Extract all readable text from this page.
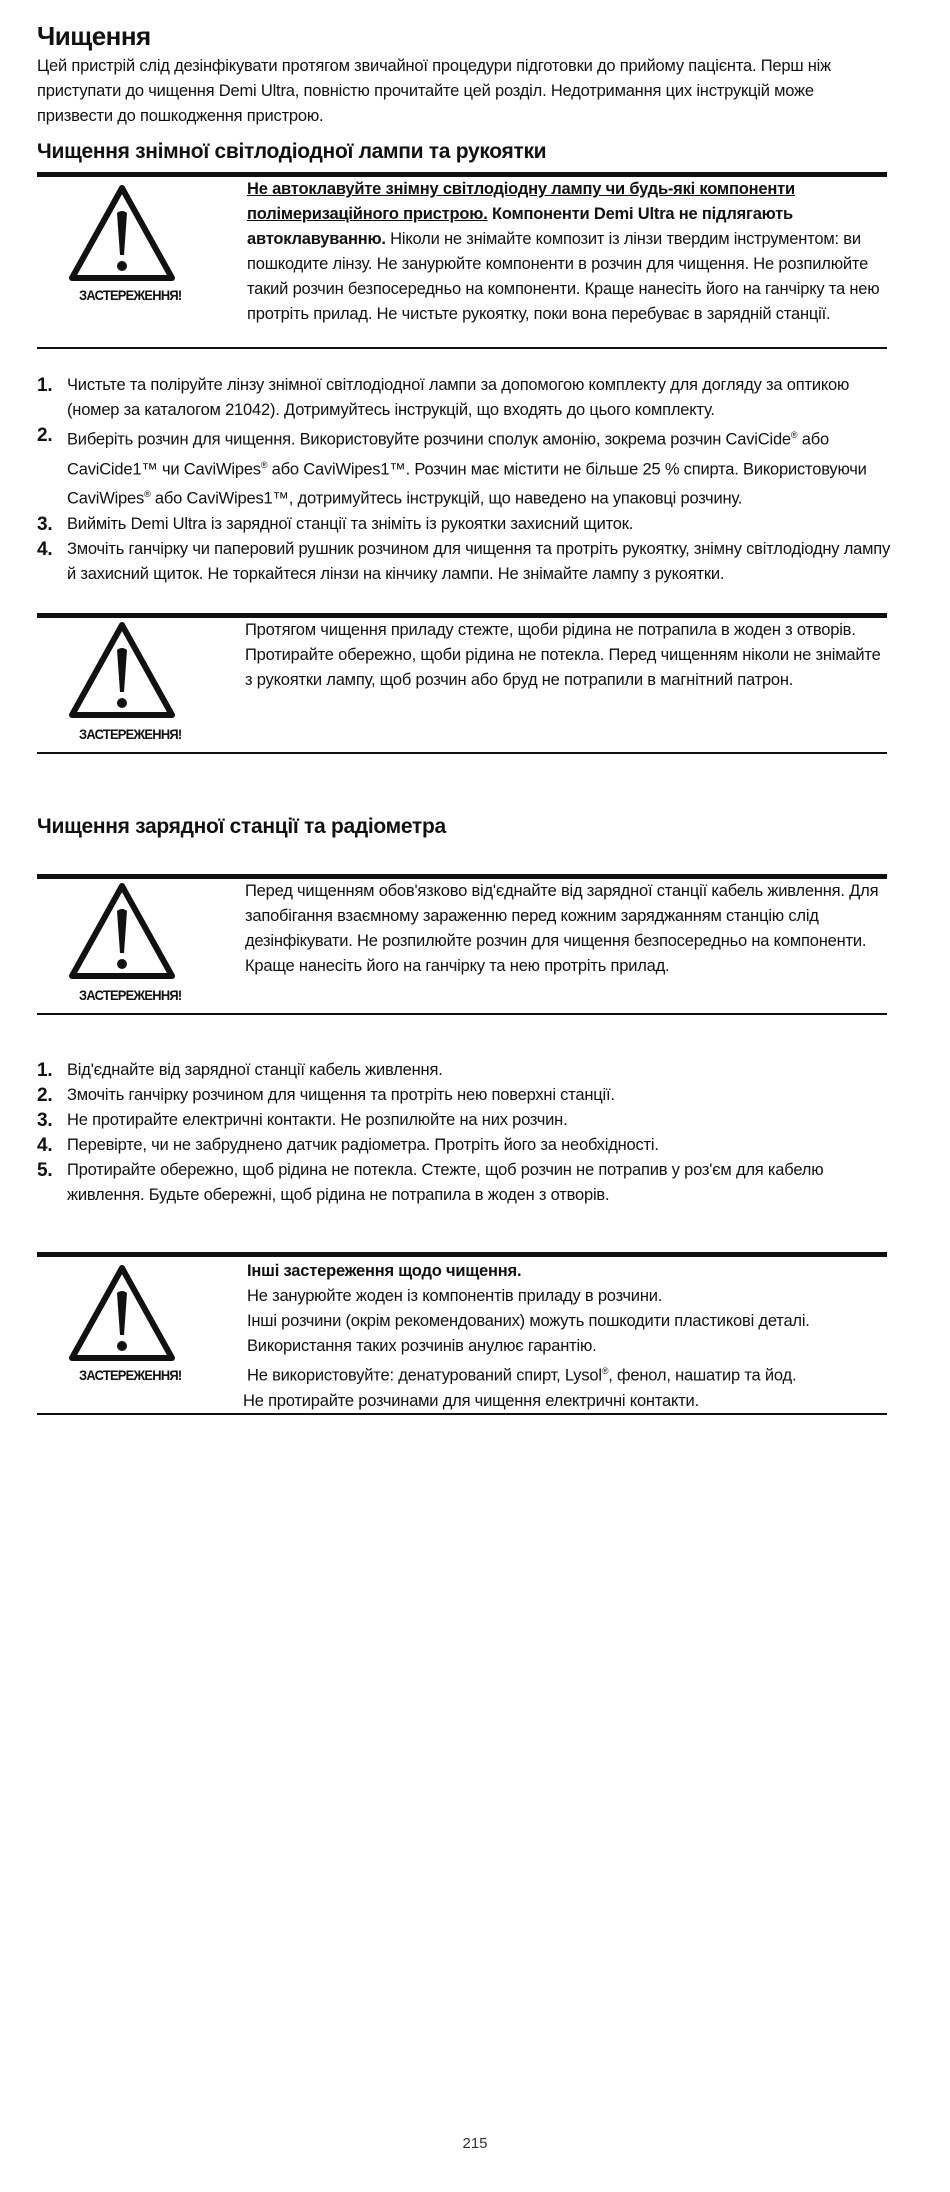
Чищення

Цей пристрій слід дезінфікувати протягом звичайної процедури підготовки до прийому пацієнта. Перш ніж приступати до чищення Demi Ultra, повністю прочитайте цей розділ. Недотримання цих інструкцій може призвести до пошкодження пристрою.

Чищення знімної світлодіодної лампи та рукоятки
ЗАСТЕРЕЖЕННЯ!
Не автоклавуйте знімну світлодіодну лампу чи будь-які компоненти полімеризаційного пристрою. Компоненти Demi Ultra не підлягають автоклавуванню. Ніколи не знімайте композит із лінзи твердим інструментом: ви пошкодите лінзу. Не занурюйте компоненти в розчин для чищення. Не розпилюйте такий розчин безпосередньо на компоненти. Краще нанесіть його на ганчірку та нею протріть прилад. Не чистьте рукоятку, поки вона перебуває в зарядній станції.
1. Чистьте та поліруйте лінзу знімної світлодіодної лампи за допомогою комплекту для догляду за оптикою (номер за каталогом 21042). Дотримуйтесь інструкцій, що входять до цього комплекту.
2. Виберіть розчин для чищення. Використовуйте розчини сполук амонію, зокрема розчин CaviCide® або CaviCide1™ чи CaviWipes® або CaviWipes1™. Розчин має містити не більше 25 % спирта. Використовуючи CaviWipes® або CaviWipes1™, дотримуйтесь інструкцій, що наведено на упаковці розчину.
3. Вийміть Demi Ultra із зарядної станції та зніміть із рукоятки захисний щиток.
4. Змочіть ганчірку чи паперовий рушник розчином для чищення та протріть рукоятку, знімну світлодіодну лампу й захисний щиток. Не торкайтеся лінзи на кінчику лампи. Не знімайте лампу з рукоятки.
ЗАСТЕРЕЖЕННЯ!
Протягом чищення приладу стежте, щоби рідина не потрапила в жоден з отворів. Протирайте обережно, щоби рідина не потекла. Перед чищенням ніколи не знімайте з рукоятки лампу, щоб розчин або бруд не потрапили в магнітний патрон.
Чищення зарядної станції та радіометра
ЗАСТЕРЕЖЕННЯ!
Перед чищенням обов'язково від'єднайте від зарядної станції кабель живлення. Для запобігання взаємному зараженню перед кожним заряджанням станцію слід дезінфікувати. Не розпилюйте розчин для чищення безпосередньо на компоненти. Краще нанесіть його на ганчірку та нею протріть прилад.
1. Від'єднайте від зарядної станції кабель живлення.
2. Змочіть ганчірку розчином для чищення та протріть нею поверхні станції.
3. Не протирайте електричні контакти. Не розпилюйте на них розчин.
4. Перевірте, чи не забруднено датчик радіометра. Протріть його за необхідності.
5. Протирайте обережно, щоб рідина не потекла. Стежте, щоб розчин не потрапив у роз'єм для кабелю живлення. Будьте обережні, щоб рідина не потрапила в жоден з отворів.
ЗАСТЕРЕЖЕННЯ!
Інші застереження щодо чищення.
Не занурюйте жоден із компонентів приладу в розчини.
Інші розчини (окрім рекомендованих) можуть пошкодити пластикові деталі.
Використання таких розчинів анулює гарантію.
Не використовуйте: денатурований спирт, Lysol®, фенол, нашатир та йод.
Не протирайте розчинами для чищення електричні контакти.
215
